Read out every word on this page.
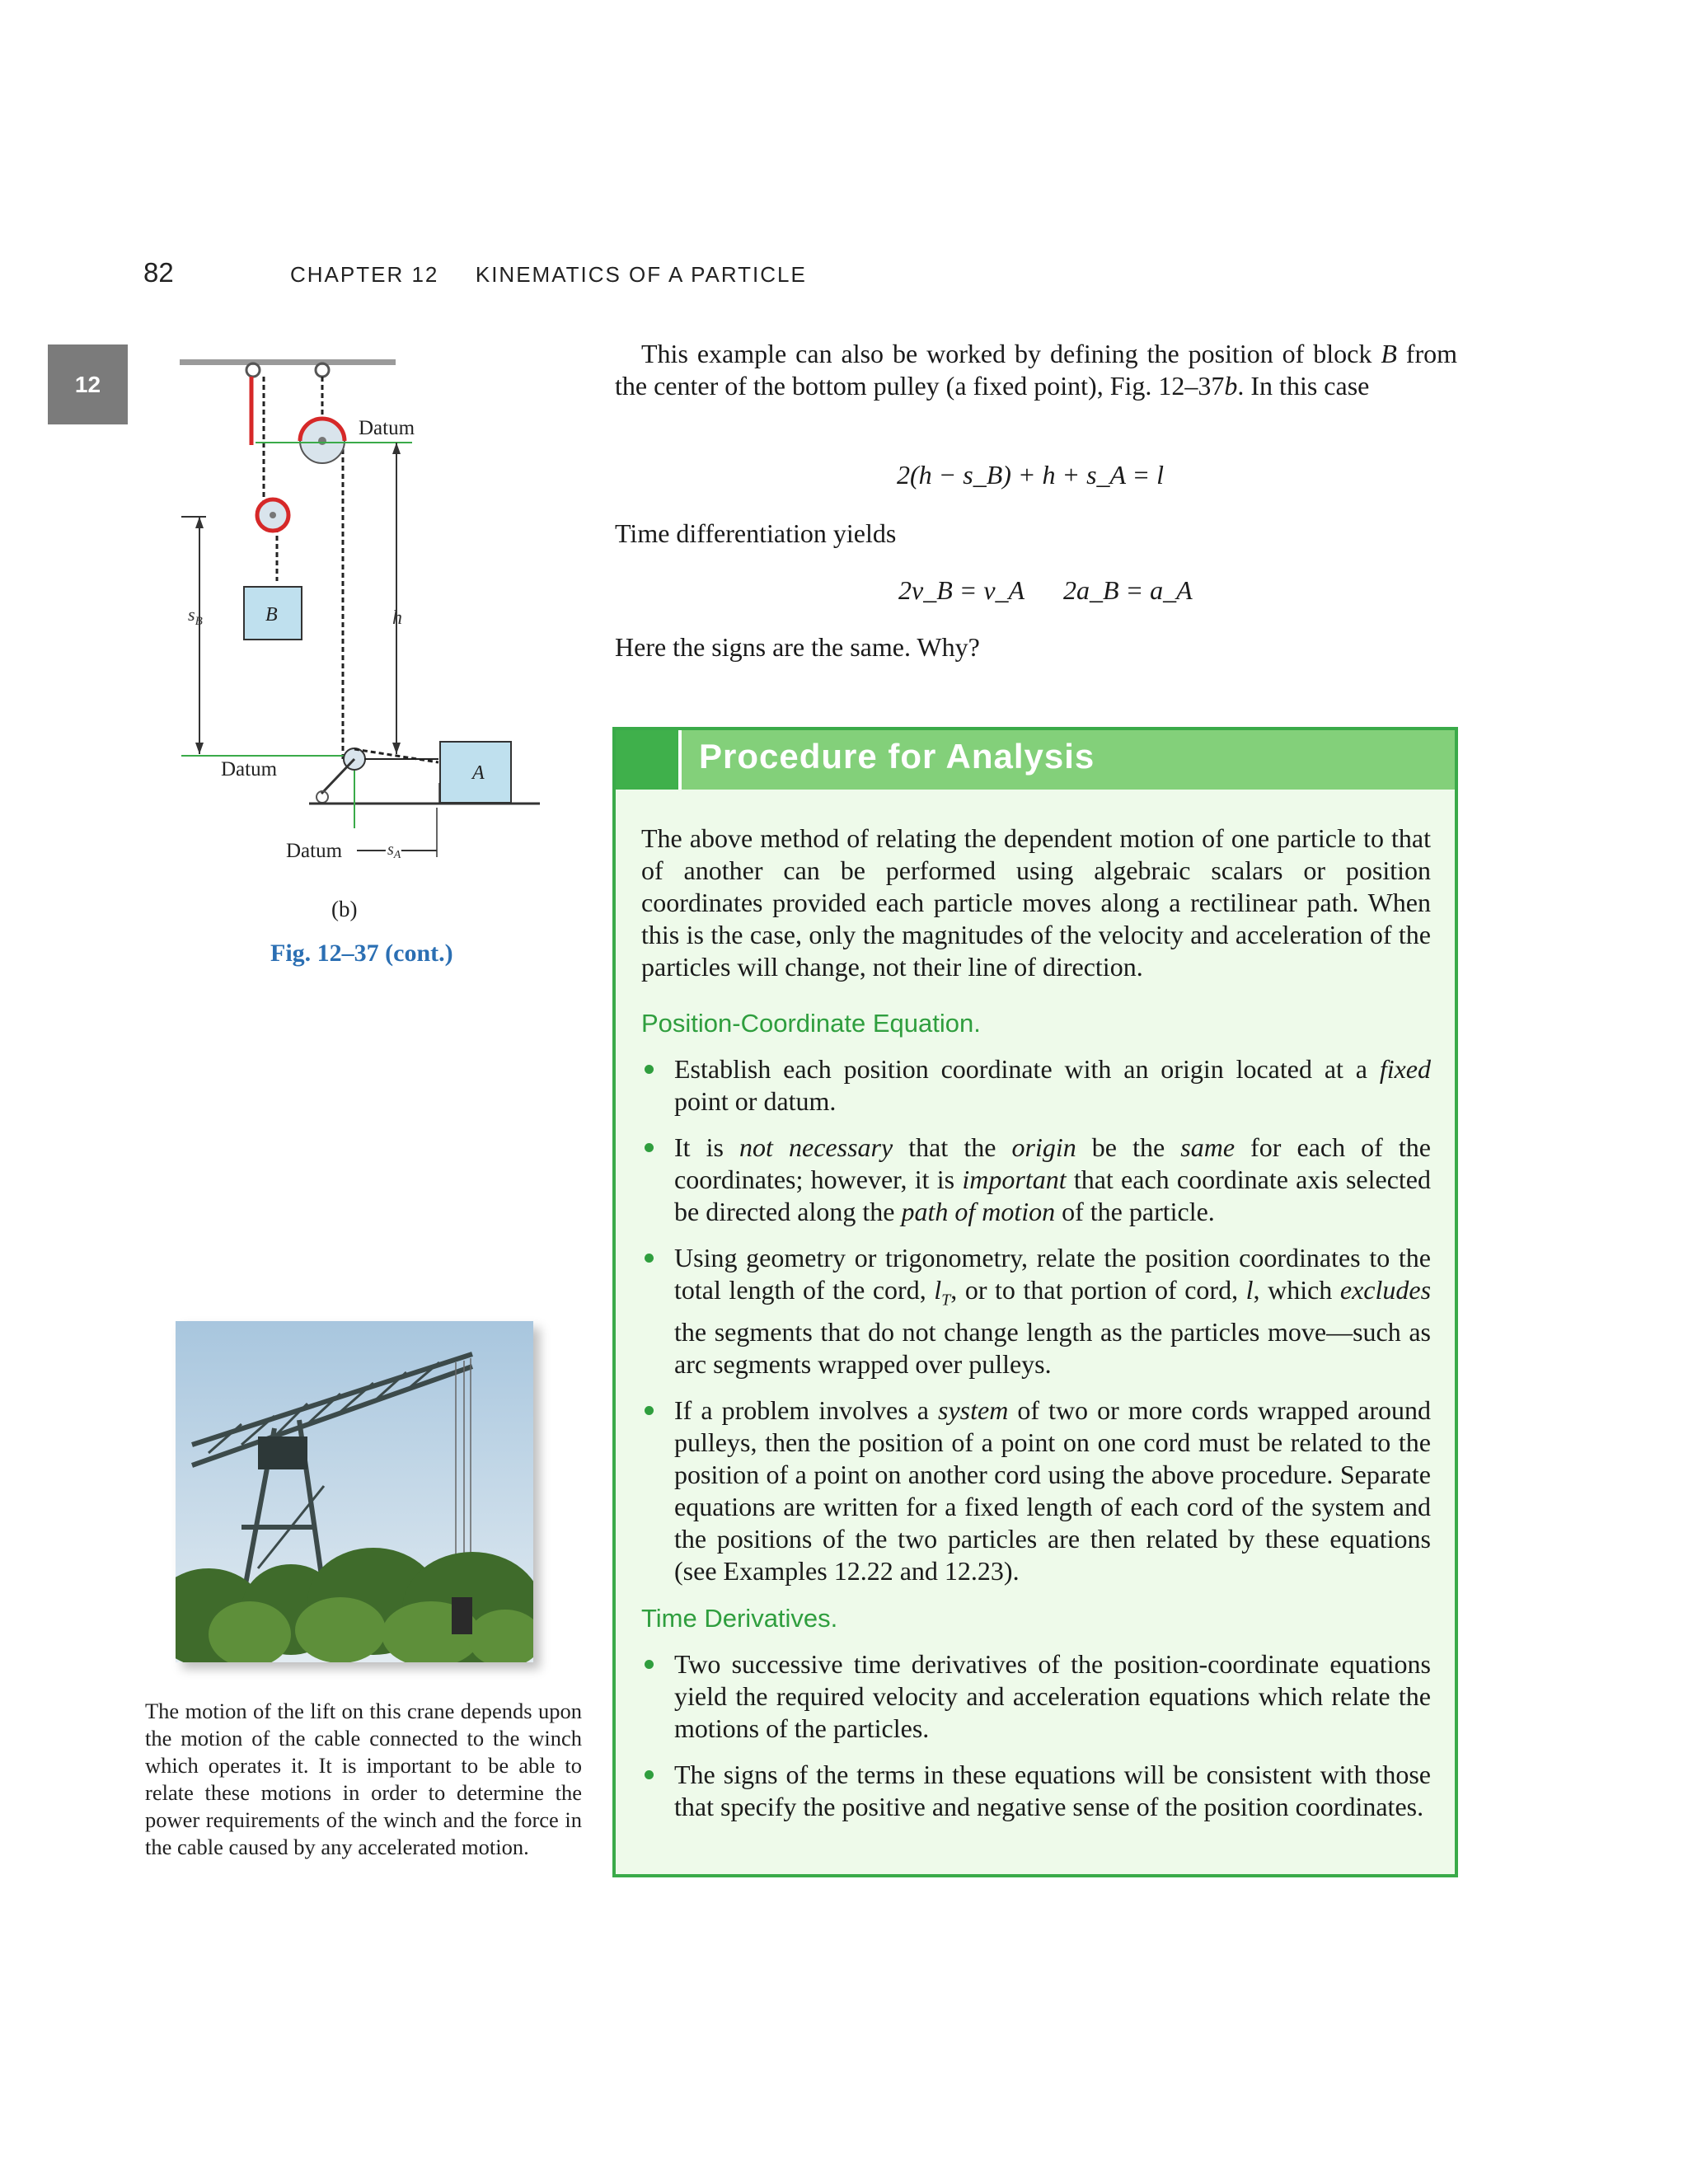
82	CHAPTER 12 KINEMATICS OF A PARTICLE
12
Datum
B
$s_B$	h
Datum	A
Datum	$s_A$
(b)
Fig. 12–37 (cont.)
The motion of the lift on this crane depends upon the motion of the cable connected to the winch which operates it. It is important to be able to relate these motions in order to determine the power requirements of the winch and the force in the cable caused by any accelerated motion.
This example can also be worked by defining the position of block B from the center of the bottom pulley (a fixed point), Fig. 12–37b. In this case
2(h − s_B) + h + s_A = l
Time differentiation yields
2v_B = v_A 2a_B = a_A
Here the signs are the same. Why?
Procedure for Analysis
The above method of relating the dependent motion of one particle to that of another can be performed using algebraic scalars or position coordinates provided each particle moves along a rectilinear path. When this is the case, only the magnitudes of the velocity and acceleration of the particles will change, not their line of direction.
Position-Coordinate Equation.
Establish each position coordinate with an origin located at a fixed point or datum.
It is not necessary that the origin be the same for each of the coordinates; however, it is important that each coordinate axis selected be directed along the path of motion of the particle.
Using geometry or trigonometry, relate the position coordinates to the total length of the cord, $l_T$, or to that portion of cord, l, which excludes the segments that do not change length as the particles move—such as arc segments wrapped over pulleys.
If a problem involves a system of two or more cords wrapped around pulleys, then the position of a point on one cord must be related to the position of a point on another cord using the above procedure. Separate equations are written for a fixed length of each cord of the system and the positions of the two particles are then related by these equations (see Examples 12.22 and 12.23).
Time Derivatives.
Two successive time derivatives of the position-coordinate equations yield the required velocity and acceleration equations which relate the motions of the particles.
The signs of the terms in these equations will be consistent with those that specify the positive and negative sense of the position coordinates.
